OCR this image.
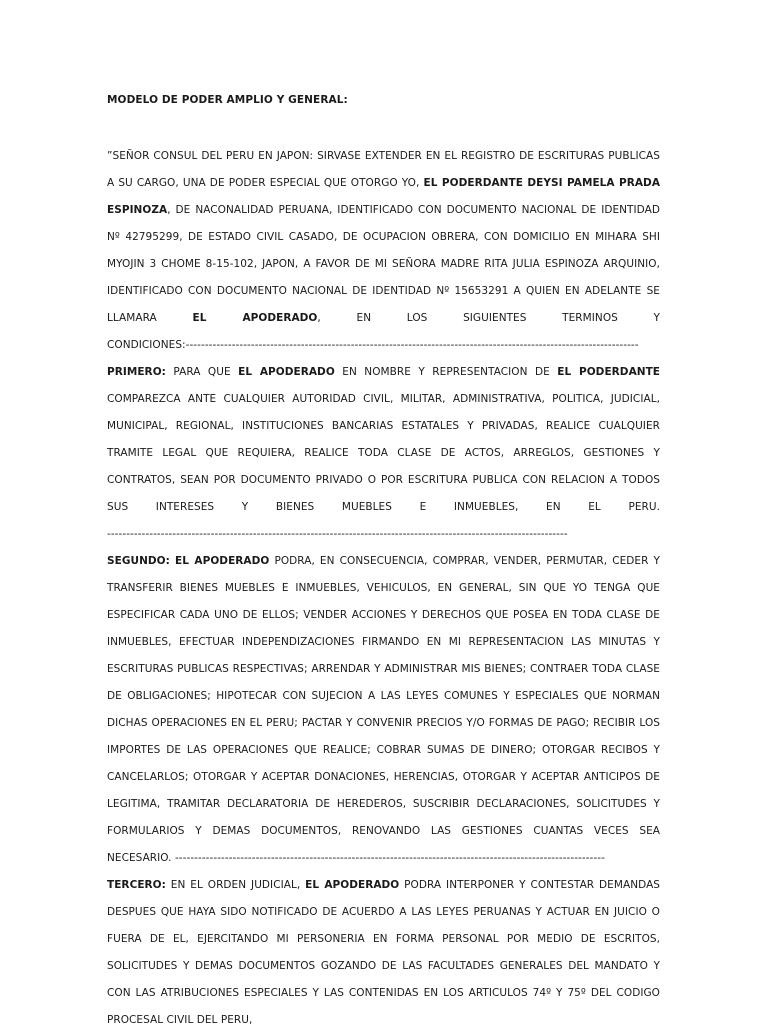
MODELO DE PODER AMPLIO Y GENERAL:

”SEÑOR CONSUL DEL PERU EN JAPON: SIRVASE EXTENDER EN EL REGISTRO DE ESCRITURAS PUBLICAS A SU CARGO, UNA DE PODER ESPECIAL QUE OTORGO YO, EL PODERDANTE DEYSI PAMELA PRADA ESPINOZA, DE NACONALIDAD PERUANA, IDENTIFICADO CON DOCUMENTO NACIONAL DE IDENTIDAD Nº 42795299, DE ESTADO CIVIL CASADO, DE OCUPACION OBRERA, CON DOMICILIO EN MIHARA SHI MYOJIN 3 CHOME 8-15-102, JAPON, A FAVOR DE MI SEÑORA MADRE RITA JULIA ESPINOZA ARQUINIO, IDENTIFICADO CON DOCUMENTO NACIONAL DE IDENTIDAD Nº 15653291 A QUIEN EN ADELANTE SE LLAMARA EL APODERADO, EN LOS SIGUIENTES TERMINOS Y CONDICIONES:----------------------------------------------------------------------------------------------------------------------

PRIMERO: PARA QUE EL APODERADO EN NOMBRE Y REPRESENTACION DE EL PODERDANTE COMPAREZCA ANTE CUALQUIER AUTORIDAD CIVIL, MILITAR, ADMINISTRATIVA, POLITICA, JUDICIAL, MUNICIPAL, REGIONAL, INSTITUCIONES BANCARIAS ESTATALES Y PRIVADAS, REALICE CUALQUIER TRAMITE LEGAL QUE REQUIERA, REALICE TODA CLASE DE ACTOS, ARREGLOS, GESTIONES Y CONTRATOS, SEAN POR DOCUMENTO PRIVADO O POR ESCRITURA PUBLICA CON RELACION A TODOS SUS INTERESES Y BIENES MUEBLES E INMUEBLES, EN EL PERU. ------------------------------------------------------------------------------------------------------------------------

SEGUNDO: EL APODERADO PODRA, EN CONSECUENCIA, COMPRAR, VENDER, PERMUTAR, CEDER Y TRANSFERIR BIENES MUEBLES E INMUEBLES, VEHICULOS, EN GENERAL, SIN QUE YO TENGA QUE ESPECIFICAR CADA UNO DE ELLOS; VENDER ACCIONES Y DERECHOS QUE POSEA EN TODA CLASE DE INMUEBLES, EFECTUAR INDEPENDIZACIONES FIRMANDO EN MI REPRESENTACION LAS MINUTAS Y ESCRITURAS PUBLICAS RESPECTIVAS; ARRENDAR Y ADMINISTRAR MIS BIENES; CONTRAER TODA CLASE DE OBLIGACIONES; HIPOTECAR CON SUJECION A LAS LEYES COMUNES Y ESPECIALES QUE NORMAN DICHAS OPERACIONES EN EL PERU; PACTAR Y CONVENIR PRECIOS Y/O FORMAS DE PAGO; RECIBIR LOS IMPORTES DE LAS OPERACIONES QUE REALICE; COBRAR SUMAS DE DINERO; OTORGAR RECIBOS Y CANCELARLOS; OTORGAR Y ACEPTAR DONACIONES, HERENCIAS, OTORGAR Y ACEPTAR ANTICIPOS DE LEGITIMA, TRAMITAR DECLARATORIA DE HEREDEROS, SUSCRIBIR DECLARACIONES, SOLICITUDES Y FORMULARIOS Y DEMAS DOCUMENTOS, RENOVANDO LAS GESTIONES CUANTAS VECES SEA NECESARIO. ----------------------------------------------------------------------------------------------------------------

TERCERO: EN EL ORDEN JUDICIAL, EL APODERADO PODRA INTERPONER Y CONTESTAR DEMANDAS DESPUES QUE HAYA SIDO NOTIFICADO DE ACUERDO A LAS LEYES PERUANAS Y ACTUAR EN JUICIO O FUERA DE EL, EJERCITANDO MI PERSONERIA EN FORMA PERSONAL POR MEDIO DE ESCRITOS, SOLICITUDES Y DEMAS DOCUMENTOS GOZANDO DE LAS FACULTADES GENERALES DEL MANDATO Y CON LAS ATRIBUCIONES ESPECIALES Y LAS CONTENIDAS EN LOS ARTICULOS 74º Y 75º DEL CODIGO PROCESAL CIVIL DEL PERU,
